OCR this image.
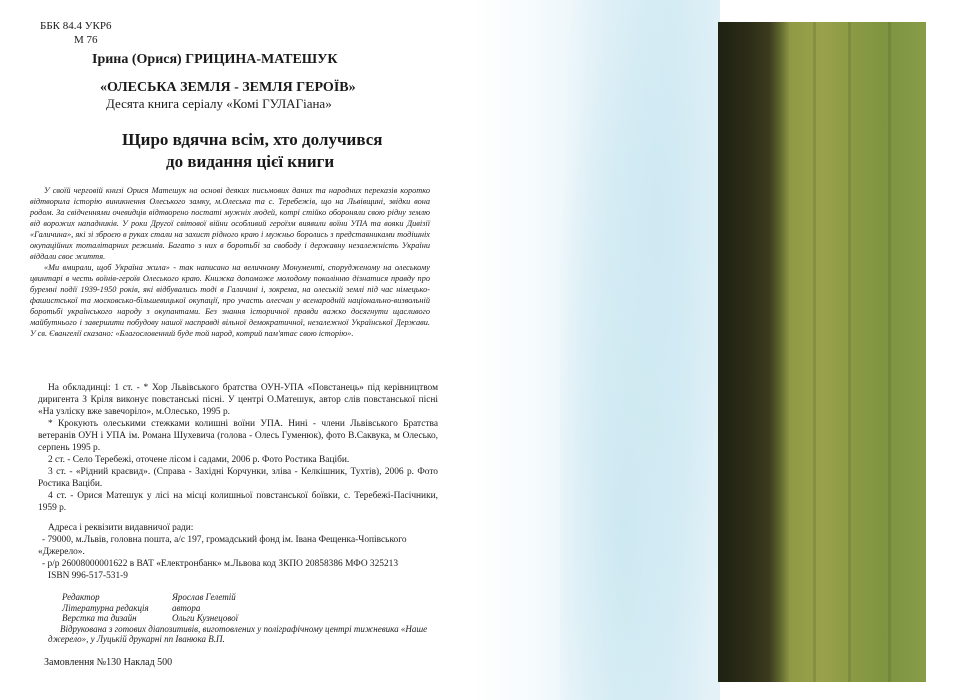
ББК 84.4 УКР6
М 76
Ірина (Орися) ГРИЦИНА-МАТЕШУК
«ОЛЕСЬКА ЗЕМЛЯ - ЗЕМЛЯ ГЕРОЇВ»
Десята книга серіалу «Комі ГУЛАГіана»
Щиро вдячна всім, хто долучився
до видання цієї книги

У своїй черговій книзі Орися Матешук на основі деяких письмових даних та народних переказів коротко відтворила історію виникнення Олеського замку, м.Олеська та с. Теребежів, що на Львівщині, звідки вона родом. За свідченнями очевидців відтворено постаті мужніх людей, котрі стійко обороняли свою рідну землю від ворожих нападників. У роки Другої світової війни особливий героїзм виявили воїни УПА та вояки Дивізії «Галичина», які зі зброєю в руках стали на захист рідного краю і мужньо боролись з представниками тодішніх окупаційних тоталітарних режимів. Багато з них в боротьбі за свободу і державну незалежність України віддали своє життя.

«Ми вмирали, щоб Україна жила» - так написано на величному Монументі, спорудженому на олеському цвинтарі в честь воїнів-героїв Олеського краю. Книжка допоможе молодому поколінню дізнатися правду про буремні події 1939-1950 років, які відбувались тоді в Галичині і, зокрема, на олеській землі під час німецько-фашистської та московсько-більшевицької окупації, про участь олесчан у всенародній національно-визвольній боротьбі українського народу з окупантами. Без знання історичної правди важко досягнути щасливого майбутнього і завершити побудову нашої насправді вільної демократичної, незалежної Української Держави. У св. Євангелії сказано: «Благословенний буде той народ, котрий пам'ятає свою історію».

На обкладинці: 1 ст. - * Хор Львівського братства ОУН-УПА «Повстанець» під керівництвом диригента З Кріля виконує повстанські пісні. У центрі О.Матешук, автор слів повстанської пісні «На узліску вже завечоріло», м.Олесько, 1995 р.

* Крокують олеськими стежками колишні воїни УПА. Нині - члени Львівського Братства ветеранів ОУН і УПА ім. Романа Шухевича (голова - Олесь Гуменюк), фото В.Саквука, м Олесько, серпень 1995 р.

2 ст. - Село Теребежі, оточене лісом і садами, 2006 р. Фото Ростика Ваціби.

3 ст. - «Рідний краєвид». (Справа - Західні Корчунки, зліва - Келкішник, Тухтів), 2006 р. Фото Ростика Ваціби.

4 ст. - Орися Матешук у лісі на місці колишньої повстанської боївки, с. Теребежі-Пасічники, 1959 р.

Адреса і реквізити видавничої ради:

- 79000, м.Львів, головна пошта, а/с 197, громадський фонд ім. Івана Фещенка-Чопівського «Джерело».

- р/р 26008000001622 в ВАТ «Електронбанк» м.Львова код ЗКПО 20858386 МФО 325213

ISBN 996-517-531-9

Редактор	Ярослав Гелетій
Літературна редакція	автора
Верстка та дизайн	Ольги Кузнецової
Відрукована з готових діапозитивів, виготовлених у поліграфічному центрі тижневика «Наше джерело», у Луцькій друкарні пп Іванюка В.П.
Замовлення №130 Наклад 500
